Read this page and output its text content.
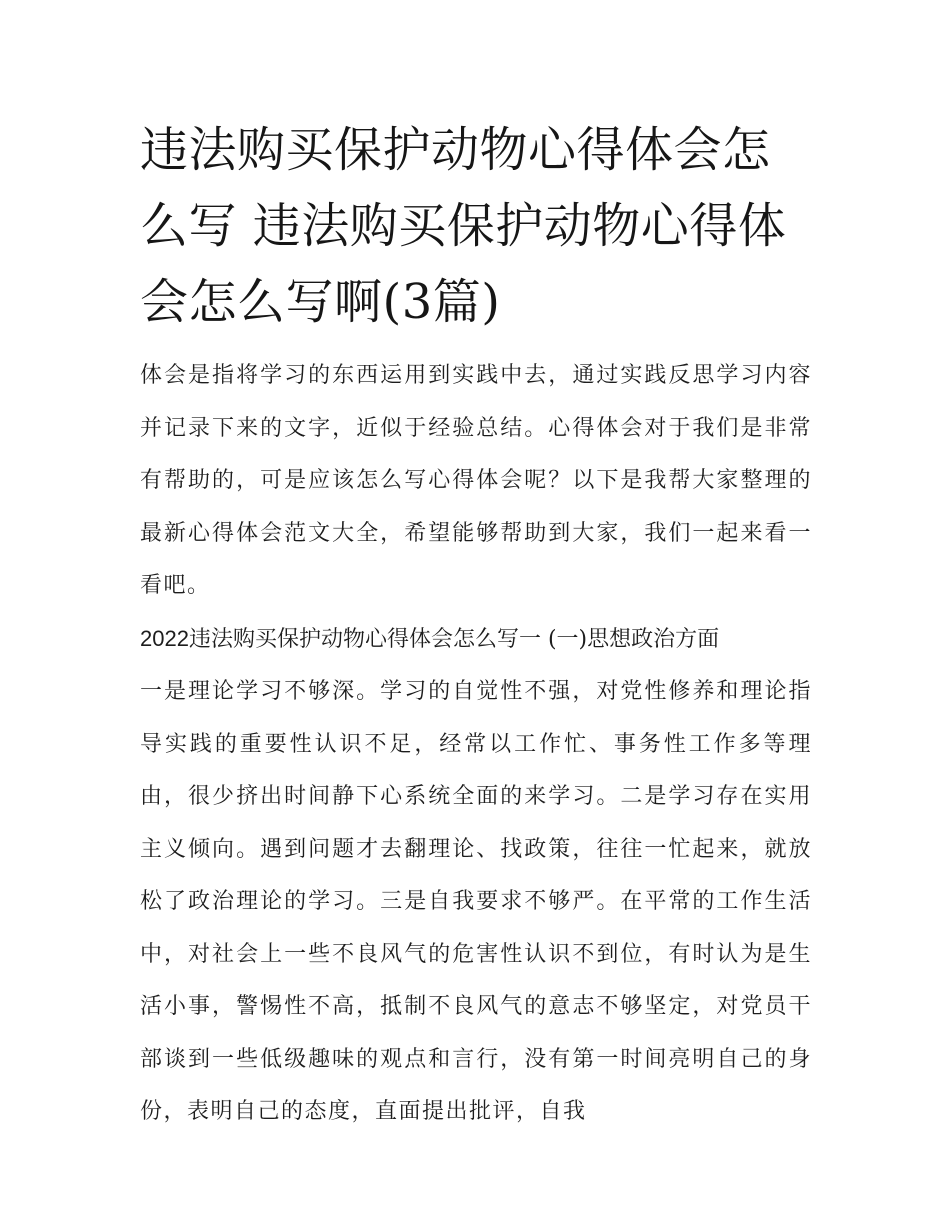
违法购买保护动物心得体会怎么写 违法购买保护动物心得体会怎么写啊(3篇)

体会是指将学习的东西运用到实践中去，通过实践反思学习内容并记录下来的文字，近似于经验总结。心得体会对于我们是非常有帮助的，可是应该怎么写心得体会呢？以下是我帮大家整理的最新心得体会范文大全，希望能够帮助到大家，我们一起来看一看吧。

2022违法购买保护动物心得体会怎么写一 (一)思想政治方面

一是理论学习不够深。学习的自觉性不强，对党性修养和理论指导实践的重要性认识不足，经常以工作忙、事务性工作多等理由，很少挤出时间静下心系统全面的来学习。二是学习存在实用主义倾向。遇到问题才去翻理论、找政策，往往一忙起来，就放松了政治理论的学习。三是自我要求不够严。在平常的工作生活中，对社会上一些不良风气的危害性认识不到位，有时认为是生活小事，警惕性不高，抵制不良风气的意志不够坚定，对党员干部谈到一些低级趣味的观点和言行，没有第一时间亮明自己的身份，表明自己的态度，直面提出批评，自我
